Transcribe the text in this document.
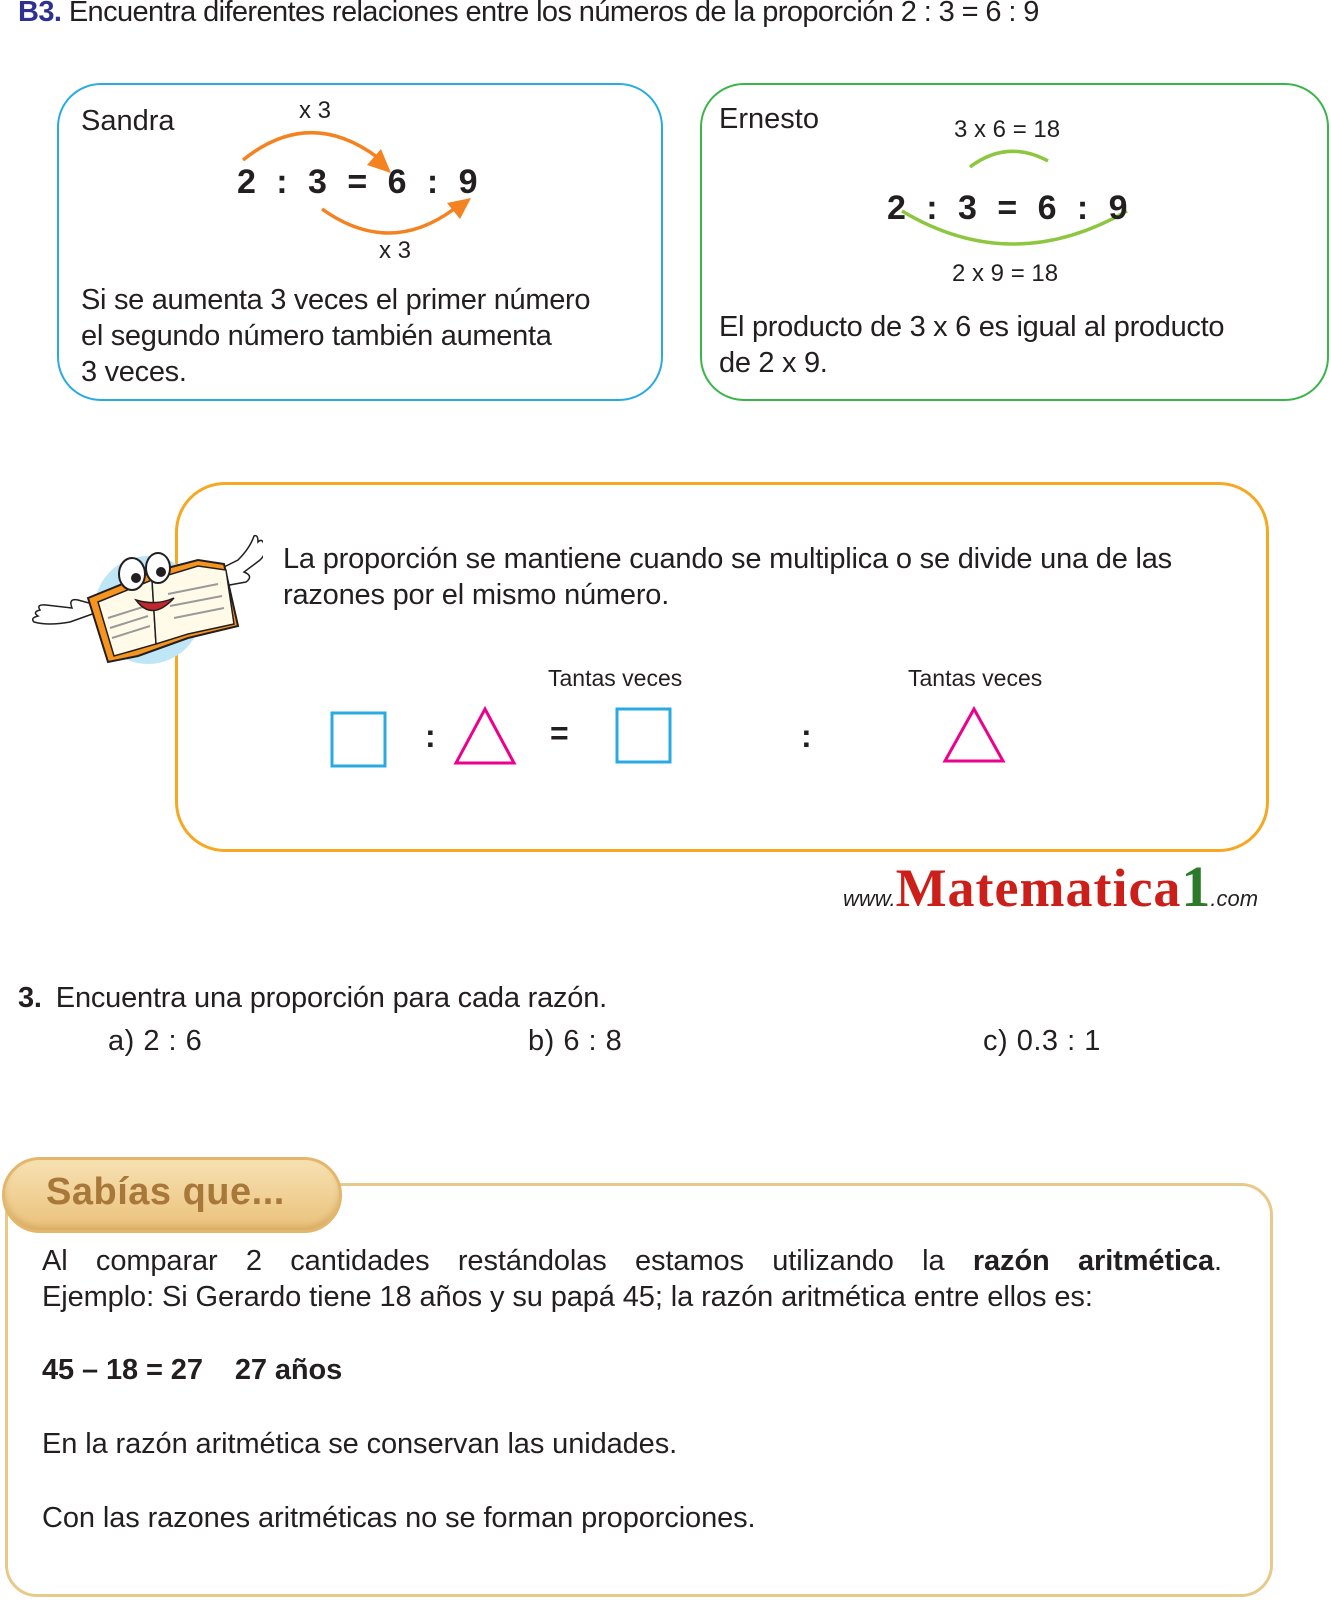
B3. Encuentra diferentes relaciones entre los números de la proporción 2 : 3 = 6 : 9
Sandra	x 3
2  :  3  =  6  :  9
x 3
Si se aumenta 3 veces el primer número
el segundo número también aumenta
3 veces.
Ernesto	3 x 6 = 18
2  :  3  =  6  :  9
2 x 9 = 18
El producto de 3 x 6 es igual al producto
de 2 x 9.
La proporción se mantiene cuando se multiplica o se divide una de las razones por el mismo número.
Tantas veces	Tantas veces
:	=	:
www.Matematica1.com
3. Encuentra una proporción para cada razón.
a) 2 : 6	b) 6 : 8	c) 0.3 : 1
Sabías que...
Al comparar 2 cantidades restándolas estamos utilizando la razón aritmética.
Ejemplo: Si Gerardo tiene 18 años y su papá 45; la razón aritmética entre ellos es:
45 – 18 = 27 27 años
En la razón aritmética se conservan las unidades.
Con las razones aritméticas no se forman proporciones.
